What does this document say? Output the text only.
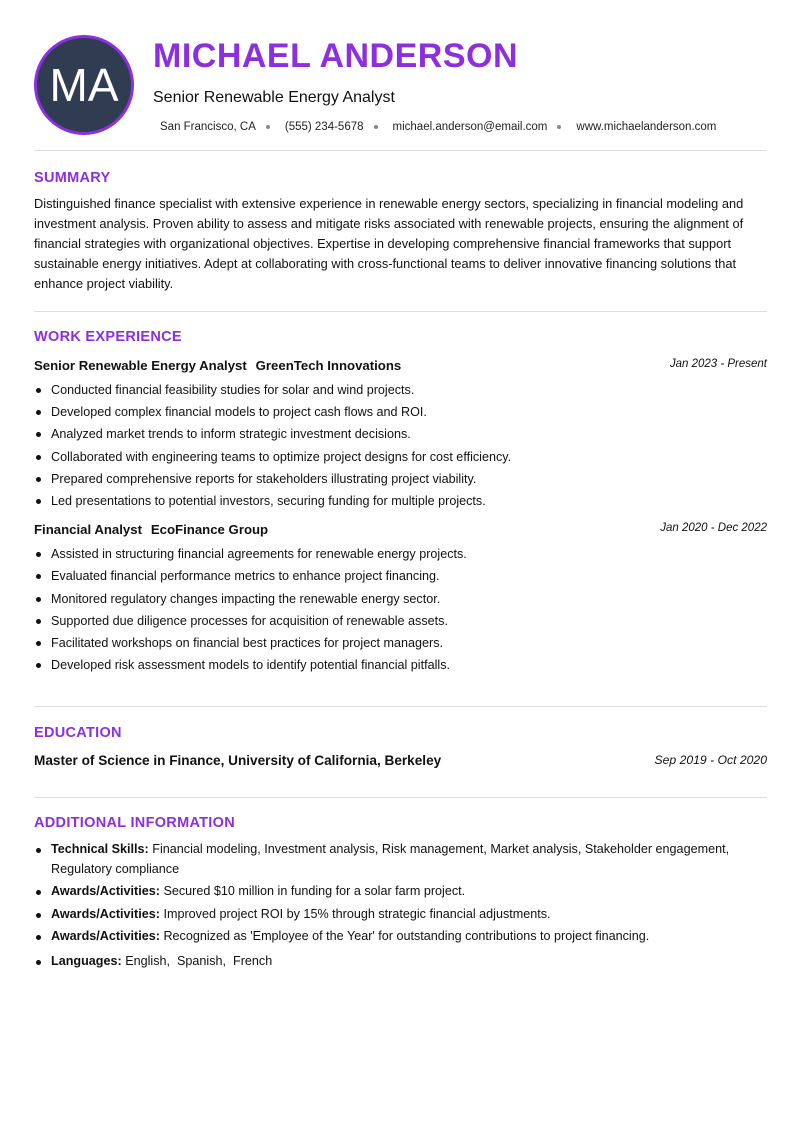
MA
MICHAEL ANDERSON
Senior Renewable Energy Analyst
San Francisco, CA	(555) 234-5678	michael.anderson@email.com	www.michaelanderson.com
SUMMARY
Distinguished finance specialist with extensive experience in renewable energy sectors, specializing in financial modeling and investment analysis. Proven ability to assess and mitigate risks associated with renewable projects, ensuring the alignment of financial strategies with organizational objectives. Expertise in developing comprehensive financial frameworks that support sustainable energy initiatives. Adept at collaborating with cross-functional teams to deliver innovative financing solutions that enhance project viability.
WORK EXPERIENCE
Senior Renewable Energy Analyst GreenTech Innovations	Jan 2023 - Present
Conducted financial feasibility studies for solar and wind projects.
Developed complex financial models to project cash flows and ROI.
Analyzed market trends to inform strategic investment decisions.
Collaborated with engineering teams to optimize project designs for cost efficiency.
Prepared comprehensive reports for stakeholders illustrating project viability.
Led presentations to potential investors, securing funding for multiple projects.
Financial Analyst EcoFinance Group	Jan 2020 - Dec 2022
Assisted in structuring financial agreements for renewable energy projects.
Evaluated financial performance metrics to enhance project financing.
Monitored regulatory changes impacting the renewable energy sector.
Supported due diligence processes for acquisition of renewable assets.
Facilitated workshops on financial best practices for project managers.
Developed risk assessment models to identify potential financial pitfalls.
EDUCATION
Master of Science in Finance, University of California, Berkeley	Sep 2019 - Oct 2020
ADDITIONAL INFORMATION
Technical Skills: Financial modeling, Investment analysis, Risk management, Market analysis, Stakeholder engagement, Regulatory compliance
Awards/Activities: Secured $10 million in funding for a solar farm project.
Awards/Activities: Improved project ROI by 15% through strategic financial adjustments.
Awards/Activities: Recognized as 'Employee of the Year' for outstanding contributions to project financing.
Languages: English,  Spanish,  French
